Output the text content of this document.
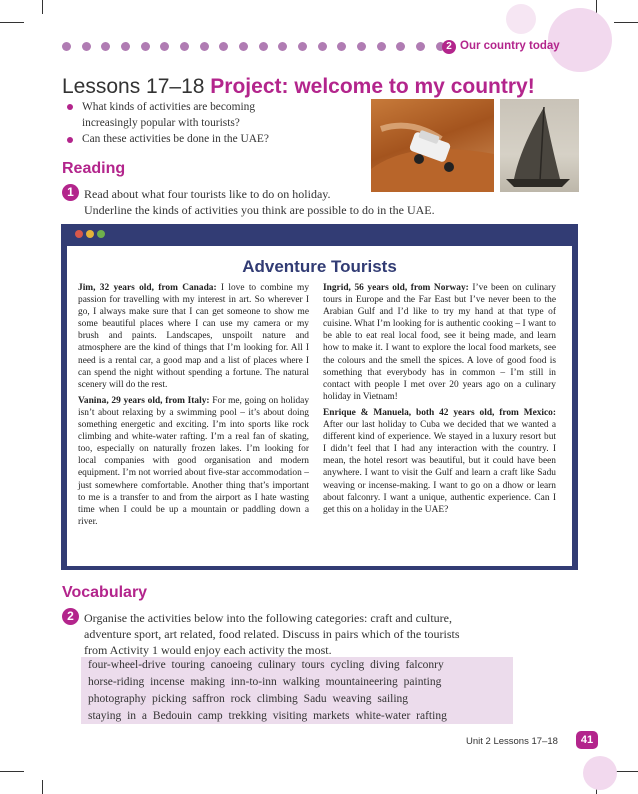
2 Our country today
Lessons 17–18 Project: welcome to my country!
What kinds of activities are becoming increasingly popular with tourists?
Can these activities be done in the UAE?
Reading
1 Read about what four tourists like to do on holiday.
Underline the kinds of activities you think are possible to do in the UAE.
Adventure Tourists

Jim, 32 years old, from Canada: I love to combine my passion for travelling with my interest in art. So wherever I go, I always make sure that I can get someone to show me some beautiful places where I can use my camera or my brush and paints. Landscapes, unspoilt nature and atmosphere are the kind of things that I’m looking for. All I need is a rental car, a good map and a list of places where I can spend the night without spending a fortune. The natural scenery will do the rest.

Vanina, 29 years old, from Italy: For me, going on holiday isn’t about relaxing by a swimming pool – it’s about doing something energetic and exciting. I’m into sports like rock climbing and white-water rafting. I’m a real fan of skating, too, especially on naturally frozen lakes. I’m looking for local companies with good organisation and modern equipment. I’m not worried about five-star accommodation – just somewhere comfortable. Another thing that’s important to me is a transfer to and from the airport as I hate wasting time when I could be up a mountain or paddling down a river.

Ingrid, 56 years old, from Norway: I’ve been on culinary tours in Europe and the Far East but I’ve never been to the Arabian Gulf and I’d like to try my hand at that type of cuisine. What I’m looking for is authentic cooking – I want to be able to eat real local food, see it being made, and learn how to make it. I want to explore the local food markets, see the colours and the smell the spices. A love of good food is something that everybody has in common – I’m still in contact with people I met over 20 years ago on a culinary holiday in Vietnam!

Enrique & Manuela, both 42 years old, from Mexico: After our last holiday to Cuba we decided that we wanted a different kind of experience. We stayed in a luxury resort but I didn’t feel that I had any interaction with the country. I mean, the hotel resort was beautiful, but it could have been anywhere. I want to visit the Gulf and learn a craft like Sadu weaving or incense-making. I want to go on a dhow or learn about falconry. I want a unique, authentic experience. Can I get this on a holiday in the UAE?

Vocabulary
2 Organise the activities below into the following categories: craft and culture,
adventure sport, art related, food related. Discuss in pairs which of the tourists
from Activity 1 would enjoy each activity the most.
four-wheel-drive touring canoeing culinary tours cycling diving falconry
horse-riding incense making inn-to-inn walking mountaineering painting
photography picking saffron rock climbing Sadu weaving sailing
staying in a Bedouin camp trekking visiting markets white-water rafting
Unit 2 Lessons 17–18	41
